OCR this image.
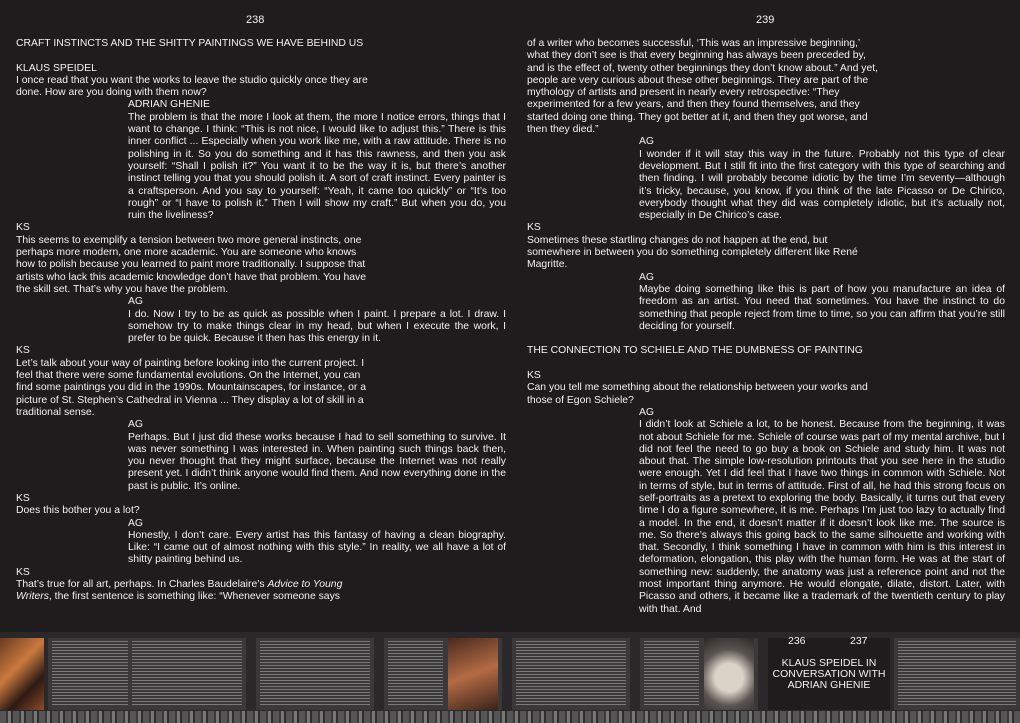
238	239

CRAFT INSTINCTS AND THE SHITTY PAINTINGS WE HAVE BEHIND US

KLAUS SPEIDEL

I once read that you want the works to leave the studio quickly once they are done. How are you doing with them now?

ADRIAN GHENIE

The problem is that the more I look at them, the more I notice errors, things that I want to change. I think: “This is not nice, I would like to adjust this.” There is this inner conflict ... Especially when you work like me, with a raw attitude. There is no polishing in it. So you do something and it has this rawness, and then you ask yourself: “Shall I polish it?” You want it to be the way it is, but there’s another instinct telling you that you should polish it. A sort of craft instinct. Every painter is a craftsperson. And you say to yourself: “Yeah, it came too quickly” or “It’s too rough” or “I have to polish it.” Then I will show my craft.” But when you do, you ruin the liveliness?

KS

This seems to exemplify a tension between two more general instincts, one perhaps more modern, one more academic. You are someone who knows how to polish because you learned to paint more traditionally. I suppose that artists who lack this academic knowledge don’t have that problem. You have the skill set. That’s why you have the problem.

AG

I do. Now I try to be as quick as possible when I paint. I prepare a lot. I draw. I somehow try to make things clear in my head, but when I execute the work, I prefer to be quick. Because it then has this energy in it.

KS

Let’s talk about your way of painting before looking into the current project. I feel that there were some fundamental evolutions. On the Internet, you can find some paintings you did in the 1990s. Mountainscapes, for instance, or a picture of St. Stephen’s Cathedral in Vienna ... They display a lot of skill in a traditional sense.

AG

Perhaps. But I just did these works because I had to sell something to survive. It was never something I was interested in. When painting such things back then, you never thought that they might surface, because the Internet was not really present yet. I didn’t think anyone would find them. And now everything done in the past is public. It’s online.

KS

Does this bother you a lot?

AG

Honestly, I don’t care. Every artist has this fantasy of having a clean biography. Like: “I came out of almost nothing with this style.” In reality, we all have a lot of shitty painting behind us.

KS

That’s true for all art, perhaps. In Charles Baudelaire’s Advice to Young Writers, the first sentence is something like: “Whenever someone says

of a writer who becomes successful, ‘This was an impressive beginning,’ what they don’t see is that every beginning has always been preceded by, and is the effect of, twenty other beginnings they don’t know about.” And yet, people are very curious about these other beginnings. They are part of the mythology of artists and present in nearly every retrospective: “They experimented for a few years, and then they found themselves, and they started doing one thing. They got better at it, and then they got worse, and then they died.”

AG

I wonder if it will stay this way in the future. Probably not this type of clear development. But I still fit into the first category with this type of searching and then finding. I will probably become idiotic by the time I’m seventy—although it’s tricky, because, you know, if you think of the late Picasso or De Chirico, everybody thought what they did was completely idiotic, but it’s actually not, especially in De Chirico’s case.

KS

Sometimes these startling changes do not happen at the end, but somewhere in between you do something completely different like René Magritte.

AG

Maybe doing something like this is part of how you manufacture an idea of freedom as an artist. You need that sometimes. You have the instinct to do something that people reject from time to time, so you can affirm that you’re still deciding for yourself.

THE CONNECTION TO SCHIELE AND THE DUMBNESS OF PAINTING

KS

Can you tell me something about the relationship between your works and those of Egon Schiele?

AG

I didn’t look at Schiele a lot, to be honest. Because from the beginning, it was not about Schiele for me. Schiele of course was part of my mental archive, but I did not feel the need to go buy a book on Schiele and study him. It was not about that. The simple low-resolution printouts that you see here in the studio were enough. Yet I did feel that I have two things in common with Schiele. Not in terms of style, but in terms of attitude. First of all, he had this strong focus on self-portraits as a pretext to exploring the body. Basically, it turns out that every time I do a figure somewhere, it is me. Perhaps I’m just too lazy to actually find a model. In the end, it doesn’t matter if it doesn’t look like me. The source is me. So there’s always this going back to the same silhouette and working with that. Secondly, I think something I have in common with him is this interest in deformation, elongation, this play with the human form. He was at the start of something new: suddenly, the anatomy was just a reference point and not the most important thing anymore. He would elongate, dilate, distort. Later, with Picasso and others, it became like a trademark of the twentieth century to play with that. And

236	237
KLAUS SPEIDEL IN CONVERSATION WITH ADRIAN GHENIE
